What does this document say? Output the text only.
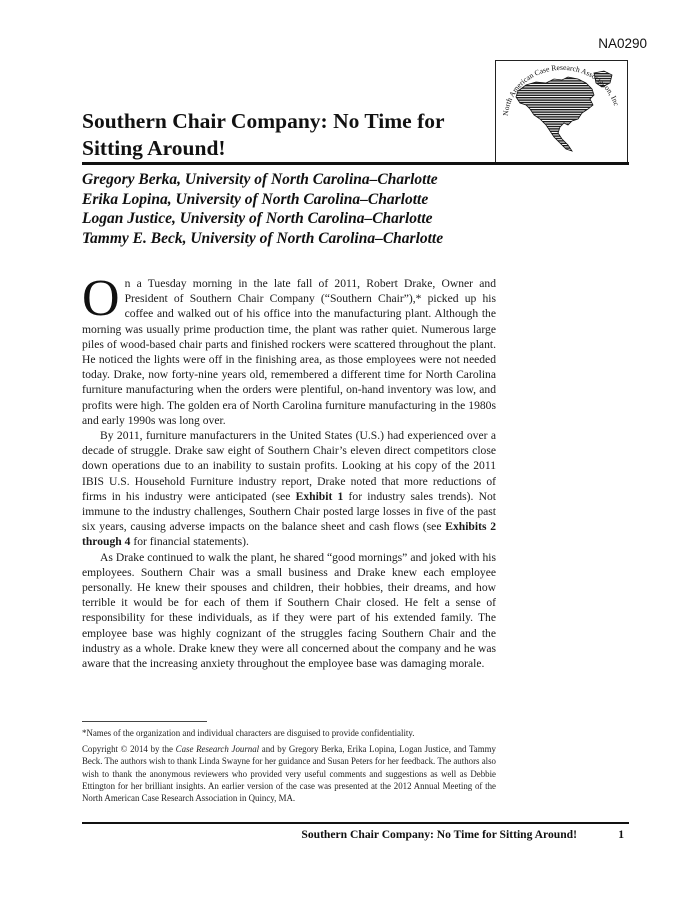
NA0290
North American Case Research Association, Inc
Southern Chair Company: No Time for Sitting Around!
Gregory Berka, University of North Carolina–Charlotte
Erika Lopina, University of North Carolina–Charlotte
Logan Justice, University of North Carolina–Charlotte
Tammy E. Beck, University of North Carolina–Charlotte

On a Tuesday morning in the late fall of 2011, Robert Drake, Owner and President of Southern Chair Company (“Southern Chair”),* picked up his coffee and walked out of his office into the manufacturing plant. Although the morning was usually prime production time, the plant was rather quiet. Numerous large piles of wood-based chair parts and finished rockers were scattered throughout the plant. He noticed the lights were off in the finishing area, as those employees were not needed today. Drake, now forty-nine years old, remembered a different time for North Carolina furniture manufacturing when the orders were plentiful, on-hand inventory was low, and profits were high. The golden era of North Carolina furniture manufacturing in the 1980s and early 1990s was long over.

By 2011, furniture manufacturers in the United States (U.S.) had experienced over a decade of struggle. Drake saw eight of Southern Chair’s eleven direct competitors close down operations due to an inability to sustain profits. Looking at his copy of the 2011 IBIS U.S. Household Furniture industry report, Drake noted that more reductions of firms in his industry were anticipated (see Exhibit 1 for industry sales trends). Not immune to the industry challenges, Southern Chair posted large losses in five of the past six years, causing adverse impacts on the balance sheet and cash flows (see Exhibits 2 through 4 for financial statements).

As Drake continued to walk the plant, he shared “good mornings” and joked with his employees. Southern Chair was a small business and Drake knew each employee personally. He knew their spouses and children, their hobbies, their dreams, and how terrible it would be for each of them if Southern Chair closed. He felt a sense of responsibility for these individuals, as if they were part of his extended family. The employee base was highly cognizant of the struggles facing Southern Chair and the industry as a whole. Drake knew they were all concerned about the company and he was aware that the increasing anxiety throughout the employee base was damaging morale.

*Names of the organization and individual characters are disguised to provide confidentiality.

Copyright © 2014 by the Case Research Journal and by Gregory Berka, Erika Lopina, Logan Justice, and Tammy Beck. The authors wish to thank Linda Swayne for her guidance and Susan Peters for her feedback. The authors also wish to thank the anonymous reviewers who provided very useful comments and suggestions as well as Debbie Ettington for her brilliant insights. An earlier version of the case was presented at the 2012 Annual Meeting of the North American Case Research Association in Quincy, MA.

Southern Chair Company: No Time for Sitting Around!	1
